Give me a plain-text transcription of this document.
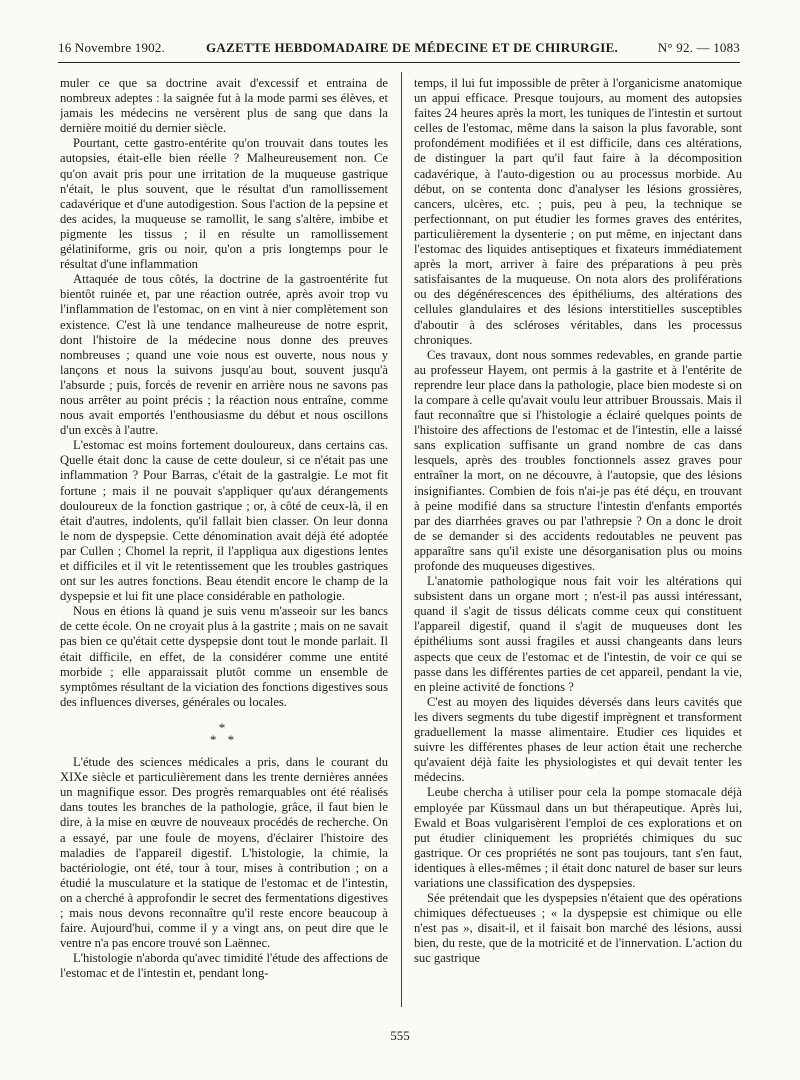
16 Novembre 1902.	GAZETTE HEBDOMADAIRE DE MÉDECINE ET DE CHIRURGIE.	N° 92. — 1083

muler ce que sa doctrine avait d'excessif et entraina de nombreux adeptes : la saignée fut à la mode parmi ses élèves, et jamais les médecins ne versèrent plus de sang que dans la dernière moitié du dernier siècle.

Pourtant, cette gastro-entérite qu'on trouvait dans toutes les autopsies, était-elle bien réelle ? Malheureusement non. Ce qu'on avait pris pour une irritation de la muqueuse gastrique n'était, le plus souvent, que le résultat d'un ramollissement cadavérique et d'une autodigestion. Sous l'action de la pepsine et des acides, la muqueuse se ramollit, le sang s'altère, imbibe et pigmente les tissus ; il en résulte un ramollissement gélatiniforme, gris ou noir, qu'on a pris longtemps pour le résultat d'une inflammation

Attaquée de tous côtés, la doctrine de la gastroentérite fut bientôt ruinée et, par une réaction outrée, après avoir trop vu l'inflammation de l'estomac, on en vint à nier complètement son existence. C'est là une tendance malheureuse de notre esprit, dont l'histoire de la médecine nous donne des preuves nombreuses ; quand une voie nous est ouverte, nous nous y lançons et nous la suivons jusqu'au bout, souvent jusqu'à l'absurde ; puis, forcés de revenir en arrière nous ne savons pas nous arrêter au point précis ; la réaction nous entraîne, comme nous avait emportés l'enthousiasme du début et nous oscillons d'un excès à l'autre.

L'estomac est moins fortement douloureux, dans certains cas. Quelle était donc la cause de cette douleur, si ce n'était pas une inflammation ? Pour Barras, c'était de la gastralgie. Le mot fit fortune ; mais il ne pouvait s'appliquer qu'aux dérangements douloureux de la fonction gastrique ; or, à côté de ceux-là, il en était d'autres, indolents, qu'il fallait bien classer. On leur donna le nom de dyspepsie. Cette dénomination avait déjà été adoptée par Cullen ; Chomel la reprit, il l'appliqua aux digestions lentes et difficiles et il vit le retentissement que les troubles gastriques ont sur les autres fonctions. Beau étendit encore le champ de la dyspepsie et lui fit une place considérable en pathologie.

Nous en étions là quand je suis venu m'asseoir sur les bancs de cette école. On ne croyait plus à la gastrite ; mais on ne savait pas bien ce qu'était cette dyspepsie dont tout le monde parlait. Il était difficile, en effet, de la considérer comme une entité morbide ; elle apparaissait plutôt comme un ensemble de symptômes résultant de la viciation des fonctions digestives sous des influences diverses, générales ou locales.

*
* *

L'étude des sciences médicales a pris, dans le courant du XIXe siècle et particulièrement dans les trente dernières années un magnifique essor. Des progrès remarquables ont été réalisés dans toutes les branches de la pathologie, grâce, il faut bien le dire, à la mise en œuvre de nouveaux procédés de recherche. On a essayé, par une foule de moyens, d'éclairer l'histoire des maladies de l'appareil digestif. L'histologie, la chimie, la bactériologie, ont été, tour à tour, mises à contribution ; on a étudié la musculature et la statique de l'estomac et de l'intestin, on a cherché à approfondir le secret des fermentations digestives ; mais nous devons reconnaître qu'il reste encore beaucoup à faire. Aujourd'hui, comme il y a vingt ans, on peut dire que le ventre n'a pas encore trouvé son Laënnec.

L'histologie n'aborda qu'avec timidité l'étude des affections de l'estomac et de l'intestin et, pendant long-

temps, il lui fut impossible de prêter à l'organicisme anatomique un appui efficace. Presque toujours, au moment des autopsies faites 24 heures après la mort, les tuniques de l'intestin et surtout celles de l'estomac, même dans la saison la plus favorable, sont profondément modifiées et il est difficile, dans ces altérations, de distinguer la part qu'il faut faire à la décomposition cadavérique, à l'auto-digestion ou au processus morbide. Au début, on se contenta donc d'analyser les lésions grossières, cancers, ulcères, etc. ; puis, peu à peu, la technique se perfectionnant, on put étudier les formes graves des entérites, particulièrement la dysenterie ; on put même, en injectant dans l'estomac des liquides antiseptiques et fixateurs immédiatement après la mort, arriver à faire des préparations à peu près satisfaisantes de la muqueuse. On nota alors des proliférations ou des dégénérescences des épithéliums, des altérations des cellules glandulaires et des lésions interstitielles susceptibles d'aboutir à des scléroses véritables, dans les processus chroniques.

Ces travaux, dont nous sommes redevables, en grande partie au professeur Hayem, ont permis à la gastrite et à l'entérite de reprendre leur place dans la pathologie, place bien modeste si on la compare à celle qu'avait voulu leur attribuer Broussais. Mais il faut reconnaître que si l'histologie a éclairé quelques points de l'histoire des affections de l'estomac et de l'intestin, elle a laissé sans explication suffisante un grand nombre de cas dans lesquels, après des troubles fonctionnels assez graves pour entraîner la mort, on ne découvre, à l'autopsie, que des lésions insignifiantes. Combien de fois n'ai-je pas été déçu, en trouvant à peine modifié dans sa structure l'intestin d'enfants emportés par des diarrhées graves ou par l'athrepsie ? On a donc le droit de se demander si des accidents redoutables ne peuvent pas apparaître sans qu'il existe une désorganisation plus ou moins profonde des muqueuses digestives.

L'anatomie pathologique nous fait voir les altérations qui subsistent dans un organe mort ; n'est-il pas aussi intéressant, quand il s'agit de tissus délicats comme ceux qui constituent l'appareil digestif, quand il s'agit de muqueuses dont les épithéliums sont aussi fragiles et aussi changeants dans leurs aspects que ceux de l'estomac et de l'intestin, de voir ce qui se passe dans les différentes parties de cet appareil, pendant la vie, en pleine activité de fonctions ?

C'est au moyen des liquides déversés dans leurs cavités que les divers segments du tube digestif imprègnent et transforment graduellement la masse alimentaire. Etudier ces liquides et suivre les différentes phases de leur action était une recherche qu'avaient déjà faite les physiologistes et qui devait tenter les médecins.

Leube chercha à utiliser pour cela la pompe stomacale déjà employée par Küssmaul dans un but thérapeutique. Après lui, Ewald et Boas vulgarisèrent l'emploi de ces explorations et on put étudier cliniquement les propriétés chimiques du suc gastrique. Or ces propriétés ne sont pas toujours, tant s'en faut, identiques à elles-mêmes ; il était donc naturel de baser sur leurs variations une classification des dyspepsies.

Sée prétendait que les dyspepsies n'étaient que des opérations chimiques défectueuses ; « la dyspepsie est chimique ou elle n'est pas », disait-il, et il faisait bon marché des lésions, aussi bien, du reste, que de la motricité et de l'innervation. L'action du suc gastrique

555
